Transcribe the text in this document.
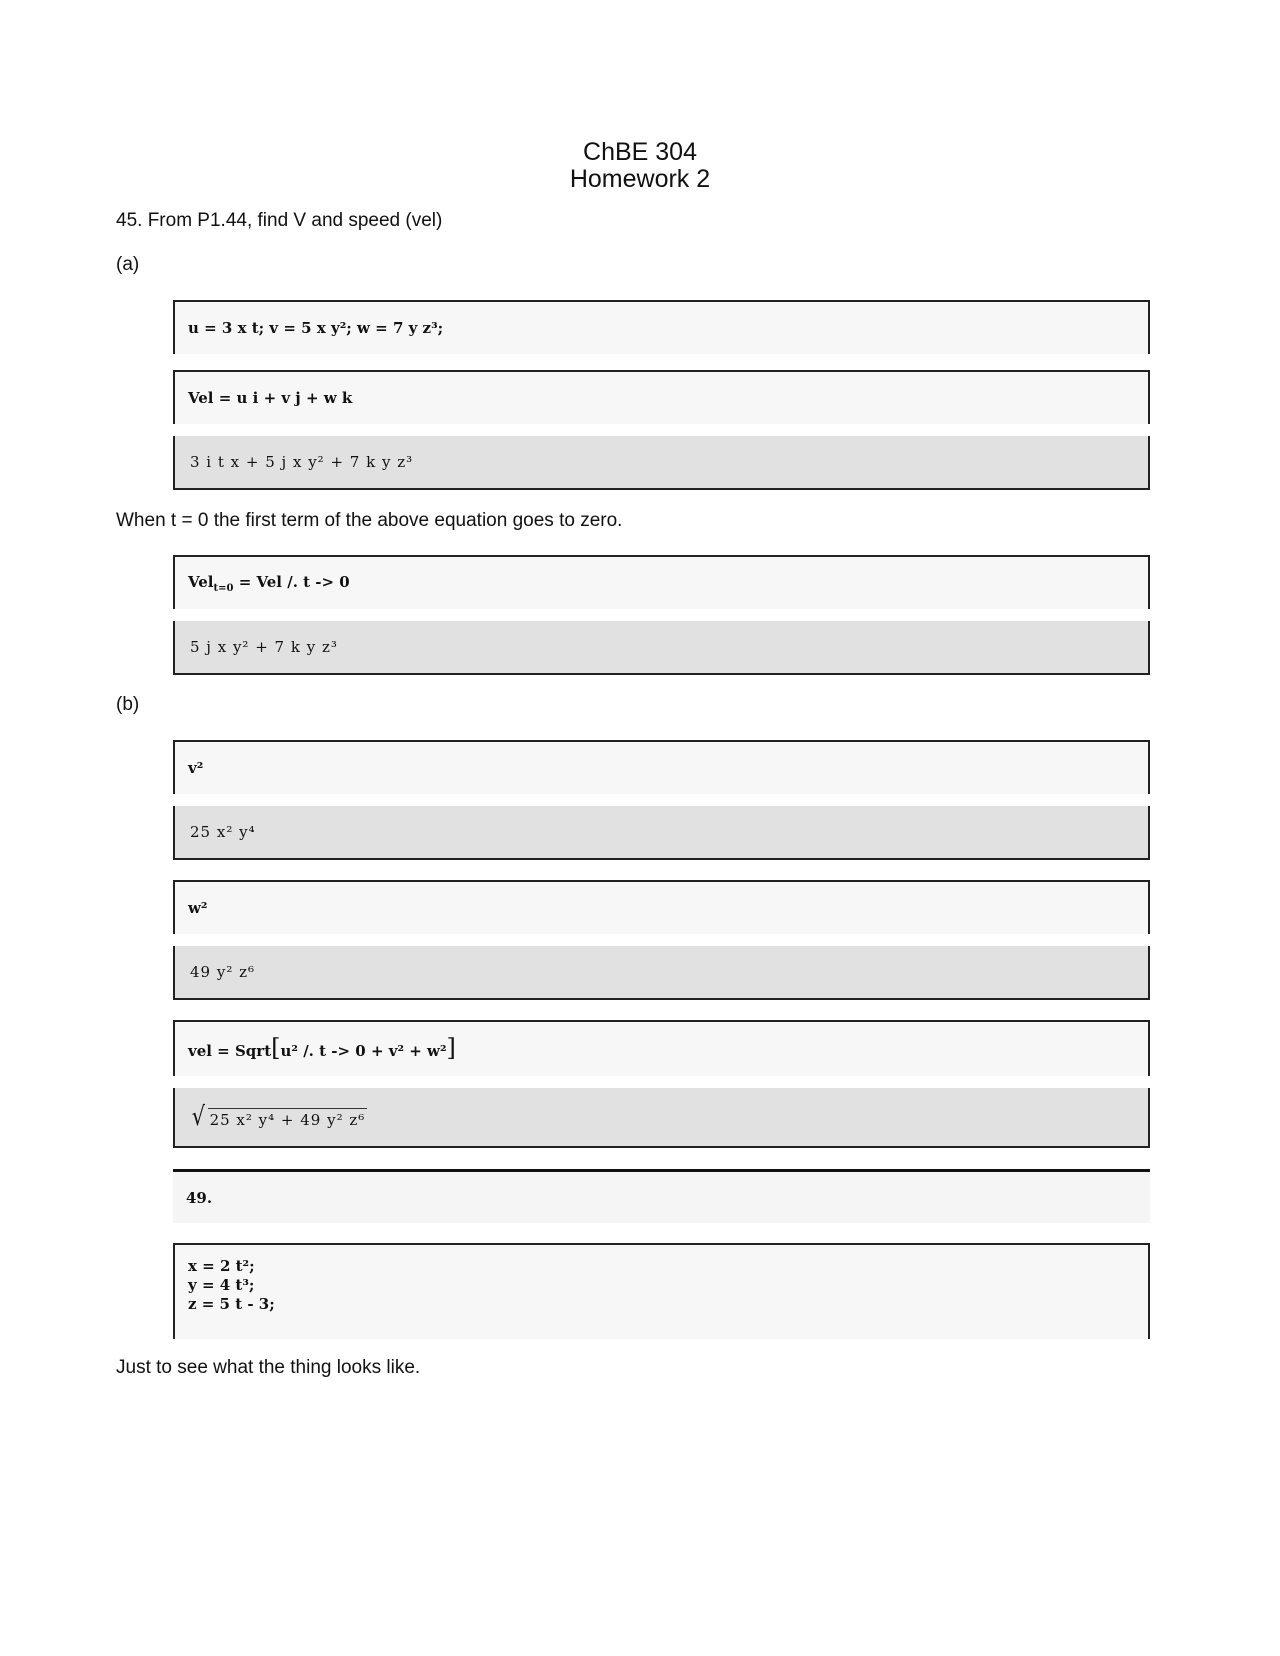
ChBE 304
Homework 2
45. From P1.44, find V and speed (vel)
(a)
u = 3 x t; v = 5 x y²; w = 7 y z³;
Vel = u i + v j + w k
3 i t x + 5 j x y² + 7 k y z³
When t = 0 the first term of the above equation goes to zero.
Vel$_{t=0}$ = Vel /. t -> 0
5 j x y² + 7 k y z³
(b)
v²
25 x² y⁴
w²
49 y² z⁶
vel = Sqrt[u² /. t -> 0 + v² + w²]
√ 25 x² y⁴ + 49 y² z⁶
49.
x = 2 t²;
y = 4 t³;
z = 5 t - 3;
Just to see what the thing looks like.
